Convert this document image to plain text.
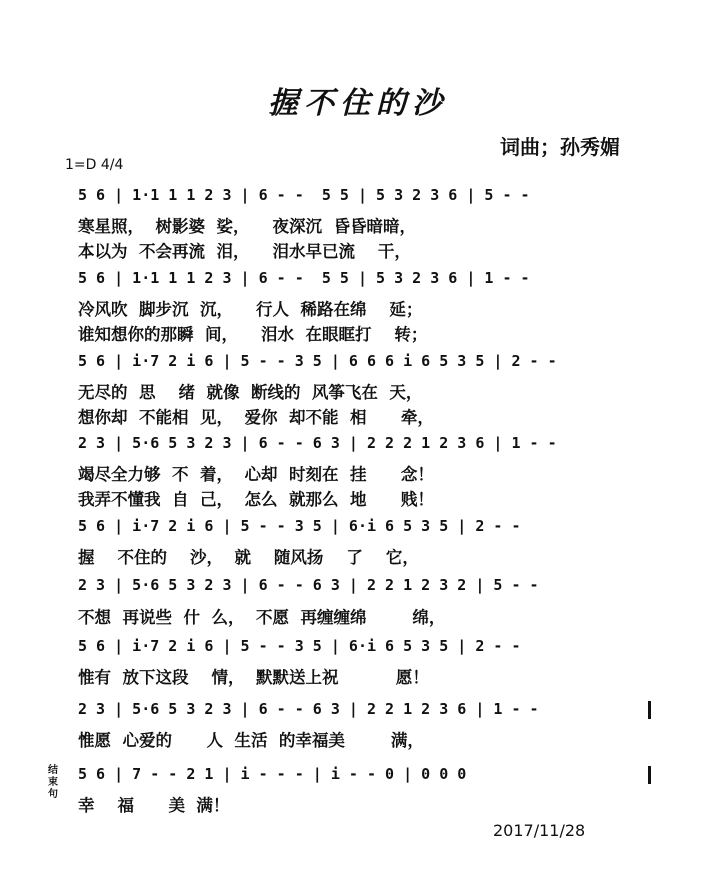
握不住的沙
词曲；孙秀媚
1=D 4/4
5 6 | 1·1 1 1 2 3 | 6 - -  5 5 | 5 3 2 3 6 | 5 - -
寒星照，  树影婆  娑，    夜深沉  昏昏暗暗，
本以为  不会再流  泪，    泪水早已流    干，
5 6 | 1·1 1 1 2 3 | 6 - -  5 5 | 5 3 2 3 6 | 1 - -
冷风吹  脚步沉  沉，    行人  稀路在绵    延；
谁知想你的那瞬  间，    泪水  在眼眶打    转；
5 6 | i·7 2 i 6 | 5 - - 3 5 | 6 6 6 i 6 5 3 5 | 2 - -
无尽的  思    绪  就像  断线的  风筝飞在  天，
想你却  不能相  见，  爱你  却不能  相      牵，
2 3 | 5·6 5 3 2 3 | 6 - - 6 3 | 2 2 2 1 2 3 6 | 1 - -
竭尽全力够  不  着，  心却  时刻在  挂      念！
我弄不懂我  自  己，  怎么  就那么  地      贱！
5 6 | i·7 2 i 6 | 5 - - 3 5 | 6·i 6 5 3 5 | 2 - -
握    不住的    沙，  就    随风扬    了    它，
2 3 | 5·6 5 3 2 3 | 6 - - 6 3 | 2 2 1 2 3 2 | 5 - -
不想  再说些  什  么，  不愿  再缠缠绵        绵，
5 6 | i·7 2 i 6 | 5 - - 3 5 | 6·i 6 5 3 5 | 2 - -
惟有  放下这段    情，  默默送上祝          愿！
2 3 | 5·6 5 3 2 3 | 6 - - 6 3 | 2 2 1 2 3 6 | 1 - -
惟愿  心爱的      人  生活  的幸福美        满，
结束句
5 6 | 7 - - 2 1 | i - - - | i - - 0 | 0 0 0
幸    福      美  满！
2017/11/28
